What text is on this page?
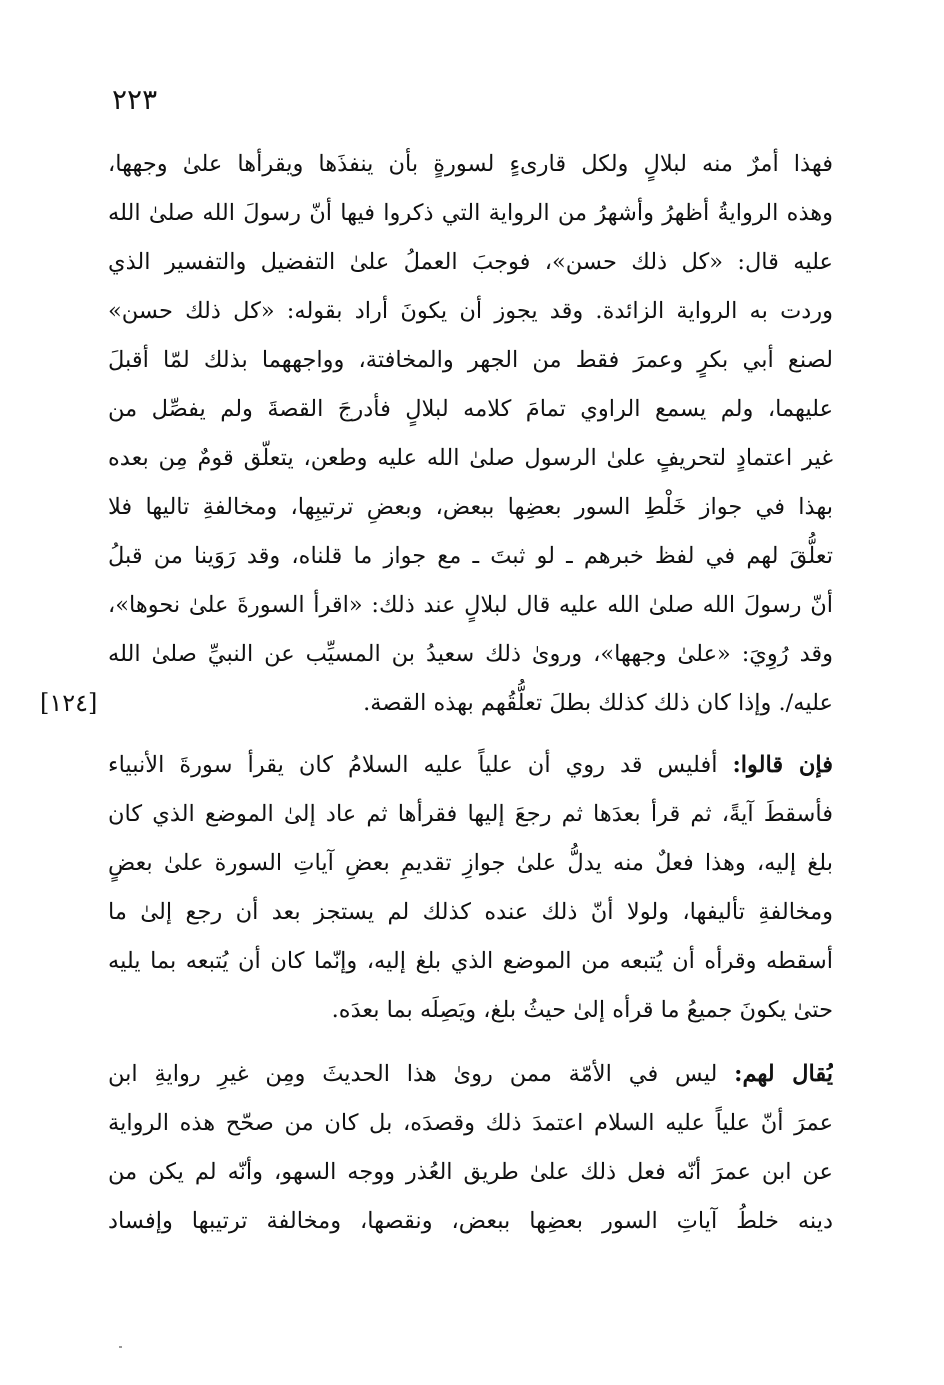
٢٢٣
فهذا أمرٌ منه لبلالٍ ولكل قارىءٍ لسورةٍ بأن ينفذَها ويقرأها علىٰ وجهها،
وهذه الروايةُ أظهرُ وأشهرُ من الرواية التي ذكروا فيها أنّ رسولَ الله صلىٰ الله
عليه قال: «كل ذلك حسن»، فوجبَ العملُ علىٰ التفضيل والتفسير الذي
وردت به الرواية الزائدة. وقد يجوز أن يكونَ أراد بقوله: «كل ذلك حسن»
لصنع أبي بكرٍ وعمرَ فقط من الجهر والمخافتة، وواجههما بذلك لمّا أقبلَ
عليهما، ولم يسمع الراوي تمامَ كلامه لبلالٍ فأدرجَ القصةَ ولم يفصِّل من
غير اعتمادٍ لتحريفٍ علىٰ الرسول صلىٰ الله عليه وطعن، يتعلّق قومٌ مِن بعده
بهذا في جواز خَلْطِ السور بعضِها ببعض، وبعضِ ترتيبِها، ومخالفةِ تاليها فلا
تعلُّقَ لهم في لفظ خبرهم ـ لو ثبتَ ـ مع جواز ما قلناه، وقد رَوَينا من قبلُ
أنّ رسولَ الله صلىٰ الله عليه قال لبلالٍ عند ذلك: «اقرأ السورةَ علىٰ نحوها»،
وقد رُوِيَ: «علىٰ وجهها»، ورویٰ ذلك سعيدُ بن المسيِّب عن النبيِّ صلىٰ الله
عليه/. وإذا كان ذلك كذلك بطلَ تعلُّقُهم بهذه القصة.
[١٢٤]
فإن قالوا: أفليس قد روي أن علياً عليه السلامُ كان يقرأ سورةَ الأنبياء
فأسقطَ آيةً، ثم قرأ بعدَها ثم رجعَ إليها فقرأها ثم عاد إلىٰ الموضع الذي كان
بلغ إليه، وهذا فعلٌ منه يدلُّ علىٰ جوازِ تقديمِ بعضِ آياتِ السورة علىٰ بعضٍ
ومخالفةِ تأليفها، ولولا أنّ ذلك عنده كذلك لم يستجز بعد أن رجع إلىٰ ما
أسقطه وقرأه أن يُتبعه من الموضع الذي بلغ إليه، وإنّما كان أن يُتبعه بما يليه
حتىٰ يكونَ جميعُ ما قرأه إلىٰ حيثُ بلغ، ويَصِلَه بما بعدَه.
يُقال لهم: ليس في الأمّة ممن رویٰ هذا الحديثَ ومِن غيرِ روايةِ ابن
عمرَ أنّ علياً عليه السلام اعتمدَ ذلك وقصدَه، بل كان من صحّح هذه الرواية
عن ابن عمرَ أنّه فعل ذلك علىٰ طريق العُذر ووجه السهو، وأنّه لم يكن من
دينه خلطُ آياتِ السور بعضِها ببعض، ونقصها، ومخالفة ترتيبها وإفساد
